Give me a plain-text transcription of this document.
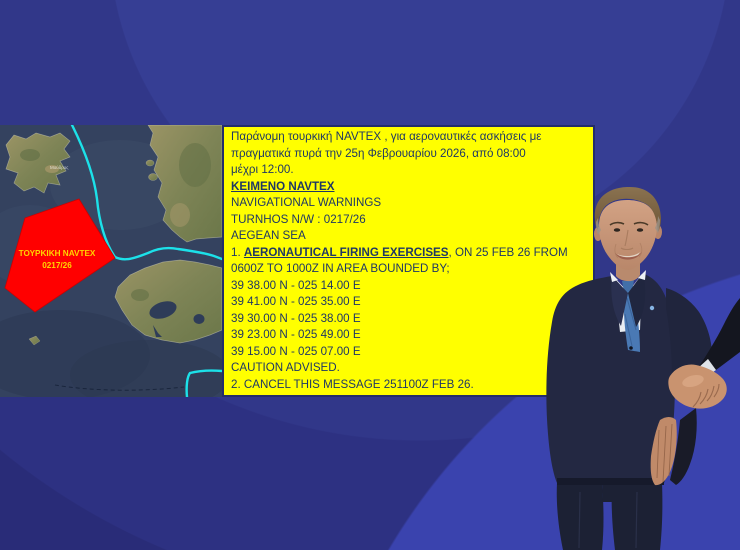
Μούδρος
ΤΟΥΡΚΙΚΗ NAVTEX
0217/26
Παράνομη τουρκική NAVTEX , για αεροναυτικές ασκήσεις με
πραγματικά πυρά την 25η Φεβρουαρίου 2026, από 08:00
μέχρι 12:00.
KEIMENO NAVTEX
NAVIGATIONAL WARNINGS
TURNHOS N/W : 0217/26
AEGEAN SEA
1. AERONAUTICAL FIRING EXERCISES, ON 25 FEB 26 FROM
0600Z TO 1000Z IN AREA BOUNDED BY;
39 38.00 N - 025 14.00 E
39 41.00 N - 025 35.00 E
39 30.00 N - 025 38.00 E
39 23.00 N - 025 49.00 E
39 15.00 N - 025 07.00 E
CAUTION ADVISED.
2. CANCEL THIS MESSAGE 251100Z FEB 26.
